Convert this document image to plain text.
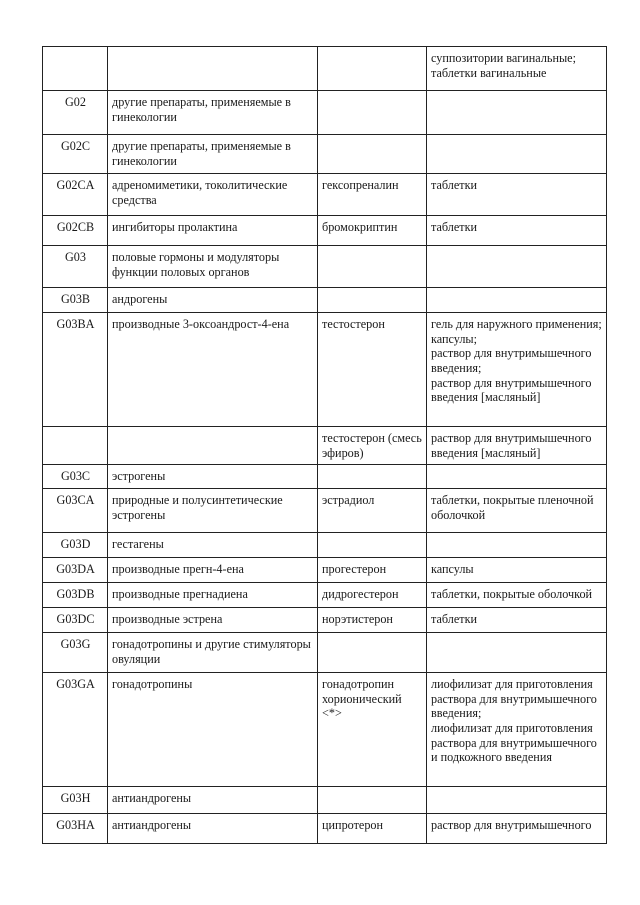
			суппозитории вагинальные;
таблетки вагинальные
G02	другие препараты, применяемые в гинекологии		
G02C	другие препараты, применяемые в гинекологии		
G02CA	адреномиметики, токолитические средства	гексопреналин	таблетки
G02CB	ингибиторы пролактина	бромокриптин	таблетки
G03	половые гормоны и модуляторы функции половых органов		
G03B	андрогены		
G03BA	производные 3-оксоандрост-4-ена	тестостерон	гель для наружного применения;
капсулы;
раствор для внутримышечного введения;
раствор для внутримышечного введения [масляный]
		тестостерон (смесь эфиров)	раствор для внутримышечного введения [масляный]
G03C	эстрогены		
G03CA	природные и полусинтетические эстрогены	эстрадиол	таблетки, покрытые пленочной оболочкой
G03D	гестагены		
G03DA	производные прегн-4-ена	прогестерон	капсулы
G03DB	производные прегнадиена	дидрогестерон	таблетки, покрытые оболочкой
G03DC	производные эстрена	норэтистерон	таблетки
G03G	гонадотропины и другие стимуляторы овуляции		
G03GA	гонадотропины	гонадотропин хорионический <*>	лиофилизат для приготовления раствора для внутримышечного введения;
лиофилизат для приготовления раствора для внутримышечного и подкожного введения
G03H	антиандрогены		
G03HA	антиандрогены	ципротерон	раствор для внутримышечного
